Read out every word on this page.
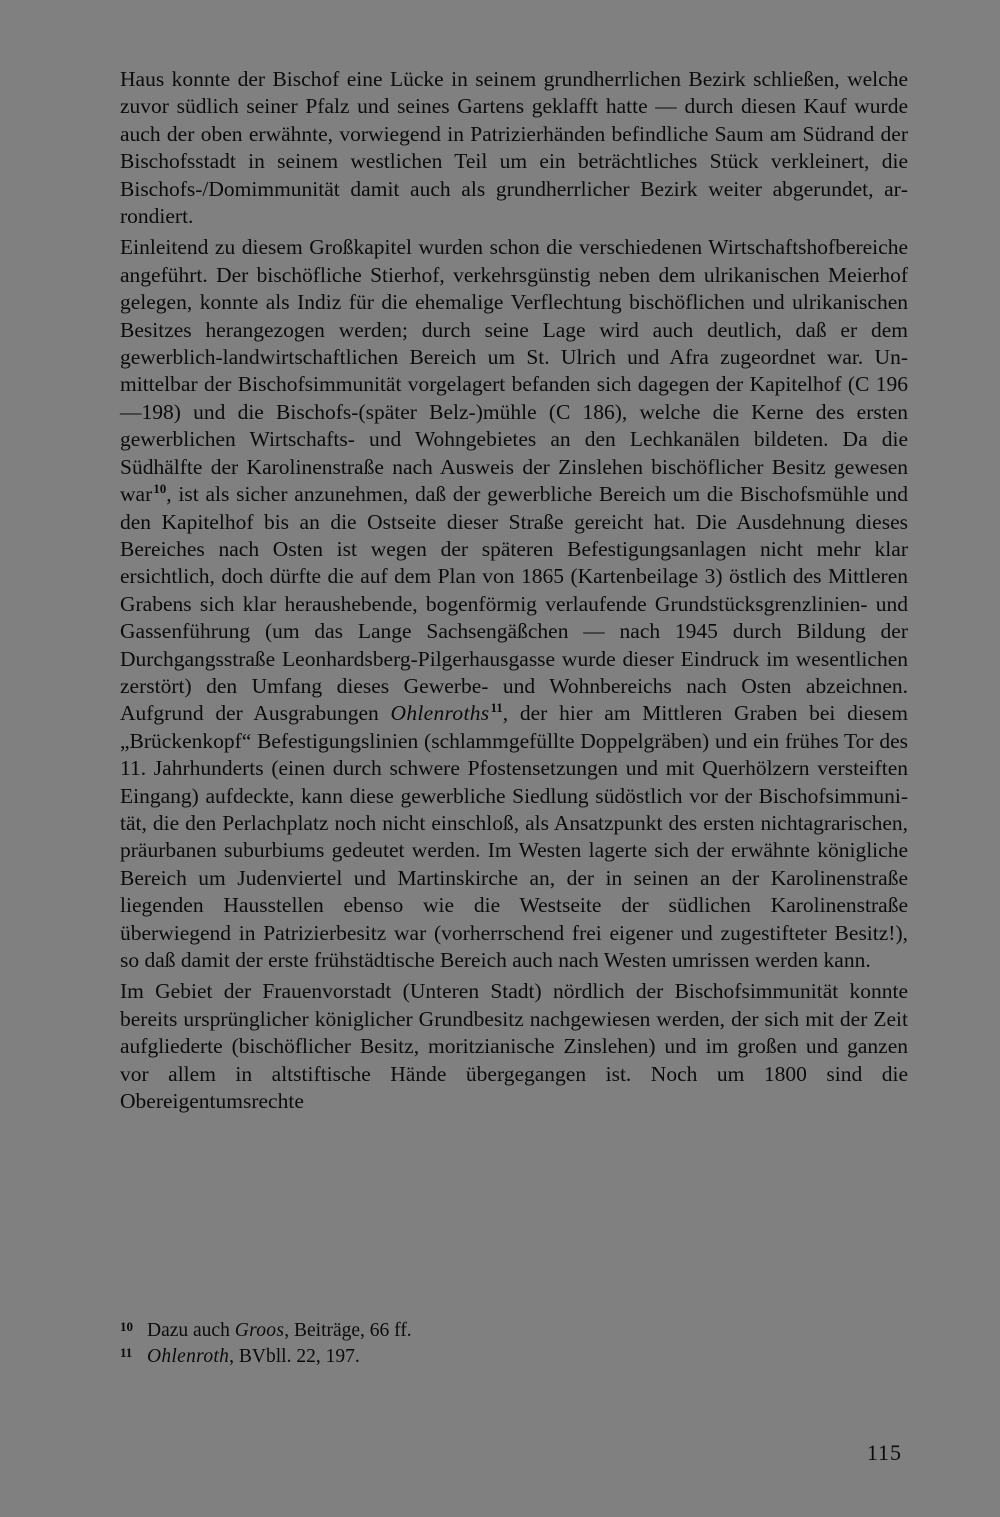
Haus konnte der Bischof eine Lücke in seinem grundherrlichen Bezirk schließen, welche zuvor südlich seiner Pfalz und seines Gartens geklafft hatte — durch diesen Kauf wurde auch der oben erwähnte, vorwiegend in Patrizierhänden befindliche Saum am Südrand der Bischofsstadt in seinem westlichen Teil um ein beträchtliches Stück verkleinert, die Bischofs-/Domimmunität damit auch als grundherrlicher Bezirk weiter abgerundet, arrondiert.

Einleitend zu diesem Großkapitel wurden schon die verschiedenen Wirtschaftshofbereiche angeführt. Der bischöfliche Stierhof, verkehrsgünstig neben dem ulrikanischen Meierhof gelegen, konnte als Indiz für die ehemalige Verflechtung bischöflichen und ulrikanischen Besitzes herangezogen werden; durch seine Lage wird auch deutlich, daß er dem gewerblich-landwirtschaftlichen Bereich um St. Ulrich und Afra zugeordnet war. Unmittelbar der Bischofsimmunität vorgelagert befanden sich dagegen der Kapitelhof (C 196—198) und die Bischofs-(später Belz-)mühle (C 186), welche die Kerne des ersten gewerblichen Wirtschafts- und Wohngebietes an den Lechkanälen bildeten. Da die Südhälfte der Karolinenstraße nach Ausweis der Zinslehen bischöflicher Besitz gewesen war$^{10}$, ist als sicher anzunehmen, daß der gewerbliche Bereich um die Bischofsmühle und den Kapitelhof bis an die Ostseite dieser Straße gereicht hat. Die Ausdehnung dieses Bereiches nach Osten ist wegen der späteren Befestigungsanlagen nicht mehr klar ersichtlich, doch dürfte die auf dem Plan von 1865 (Kartenbeilage 3) östlich des Mittleren Grabens sich klar heraushebende, bogenförmig verlaufende Grundstücksgrenzlinien- und Gassenführung (um das Lange Sachsengäßchen — nach 1945 durch Bildung der Durchgangsstraße Leonhardsberg-Pilgerhausgasse wurde dieser Eindruck im wesentlichen zerstört) den Umfang dieses Gewerbe- und Wohnbereichs nach Osten abzeichnen. Aufgrund der Ausgrabungen Ohlenroths$^{11}$, der hier am Mittleren Graben bei diesem „Brückenkopf“ Befestigungslinien (schlammgefüllte Doppelgräben) und ein frühes Tor des 11. Jahrhunderts (einen durch schwere Pfostensetzungen und mit Querhölzern versteiften Eingang) aufdeckte, kann diese gewerbliche Siedlung südöstlich vor der Bischofsimmunität, die den Perlachplatz noch nicht einschloß, als Ansatzpunkt des ersten nichtagrarischen, präurbanen suburbiums gedeutet werden. Im Westen lagerte sich der erwähnte königliche Bereich um Judenviertel und Martinskirche an, der in seinen an der Karolinenstraße liegenden Hausstellen ebenso wie die Westseite der südlichen Karolinenstraße überwiegend in Patrizierbesitz war (vorherrschend frei eigener und zugestifteter Besitz!), so daß damit der erste frühstädtische Bereich auch nach Westen umrissen werden kann.

Im Gebiet der Frauenvorstadt (Unteren Stadt) nördlich der Bischofsimmunität konnte bereits ursprünglicher königlicher Grundbesitz nachgewiesen werden, der sich mit der Zeit aufgliederte (bischöflicher Besitz, moritzianische Zinslehen) und im großen und ganzen vor allem in altstiftische Hände übergegangen ist. Noch um 1800 sind die Obereigentumsrechte

10 Dazu auch Groos, Beiträge, 66 ff.
11 Ohlenroth, BVbll. 22, 197.
115
